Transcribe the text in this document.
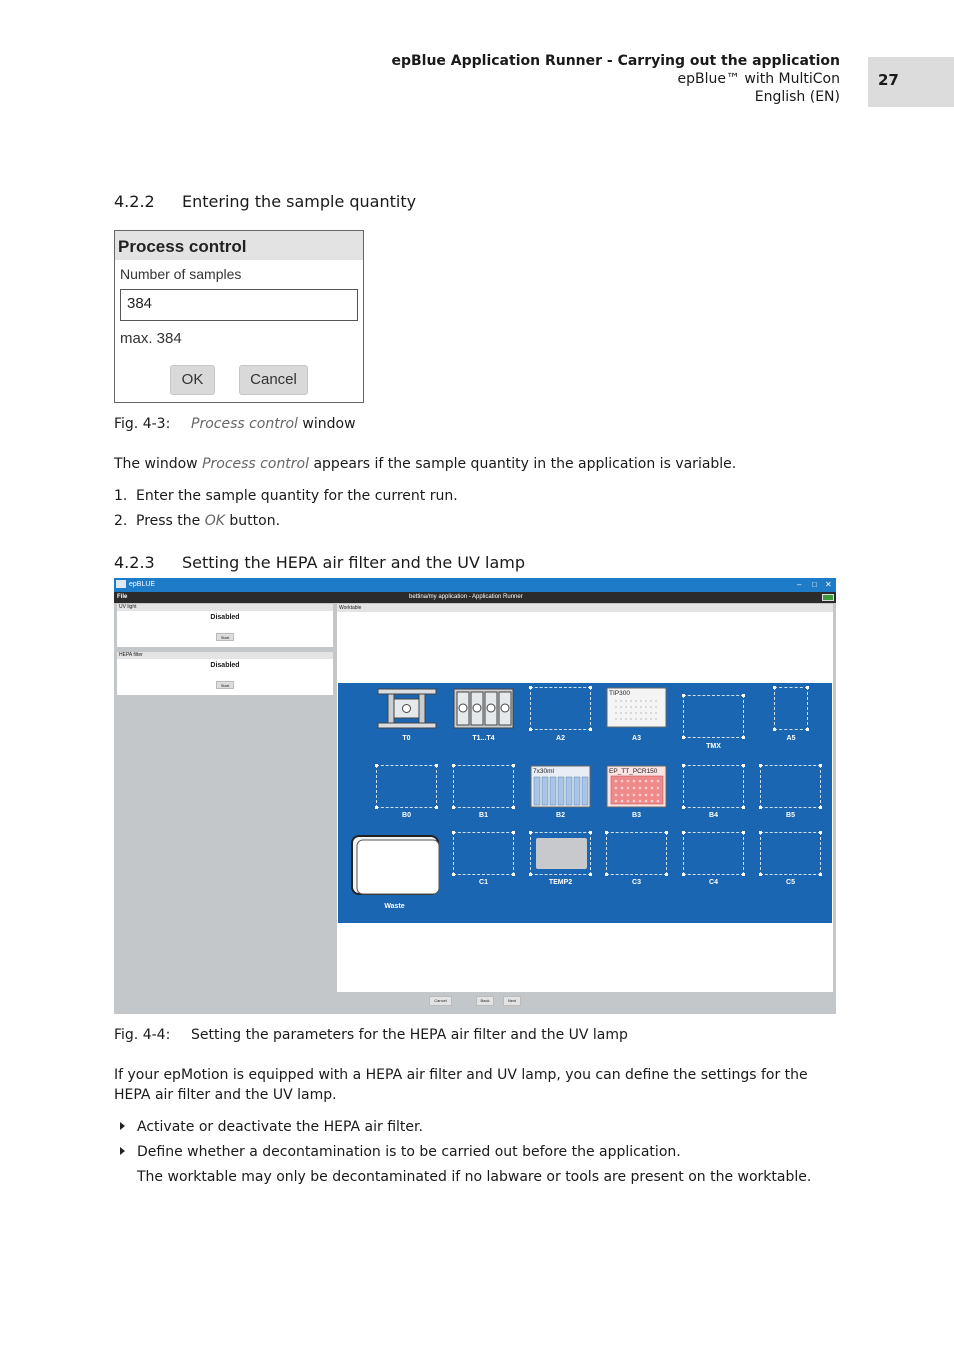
epBlue Application Runner - Carrying out the application
epBlue™ with MultiCon
English (EN)
27
4.2.2 Entering the sample quantity
Process control
Number of samples
384
max. 384
OK	Cancel
Fig. 4-3: Process control window
The window Process control appears if the sample quantity in the application is variable.
1. Enter the sample quantity for the current run.
2. Press the OK button.
4.2.3 Setting the HEPA air filter and the UV lamp
epBLUE	– □ ✕
File	bettina/my application - Application Runner
UV light
Disabled
Start
HEPA filter
Disabled
Start
Worktable
T0	T1...T4	A2
TIP300
A3
TMX
A5
B0	B1
7x30ml
B2
EP_TT_PCR150
B3	B4	B5
Waste
C1	TEMP2	C3	C4	C5
Cancel	Back	Next
Fig. 4-4: Setting the parameters for the HEPA air filter and the UV lamp
If your epMotion is equipped with a HEPA air filter and UV lamp, you can define the settings for the HEPA air filter and the UV lamp.
Activate or deactivate the HEPA air filter.
Define whether a decontamination is to be carried out before the application.
The worktable may only be decontaminated if no labware or tools are present on the worktable.
